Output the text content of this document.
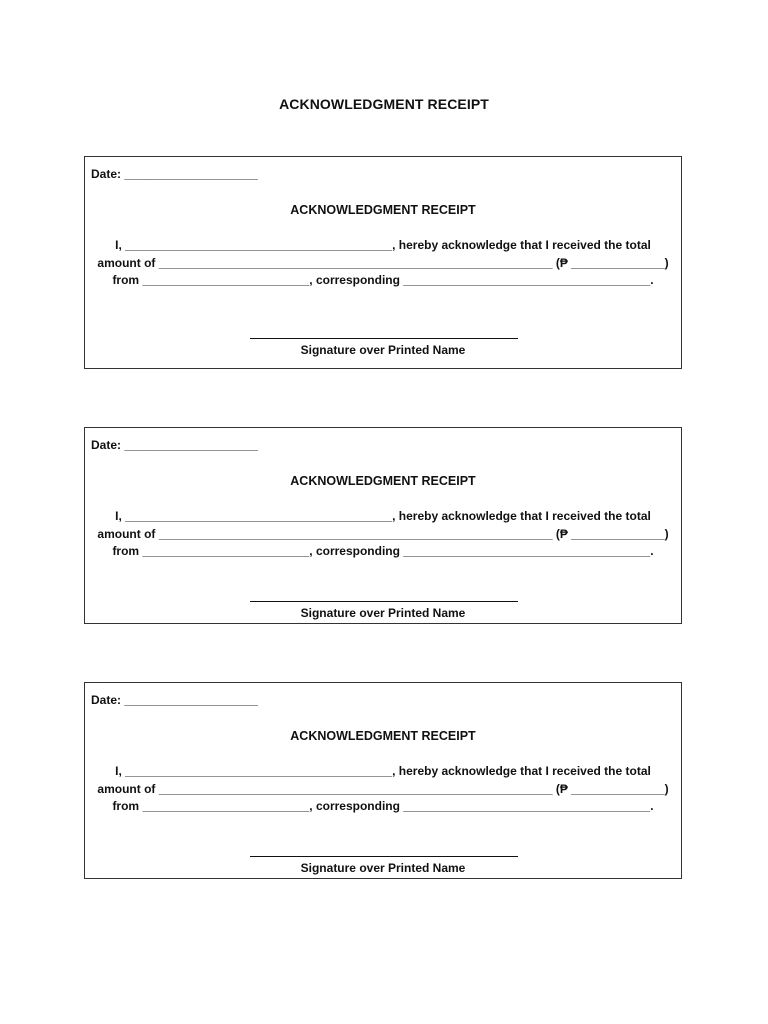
ACKNOWLEDGMENT RECEIPT
Date: ____________________
ACKNOWLEDGMENT RECEIPT
I, ________________________________________, hereby acknowledge that I received the total
amount of ___________________________________________________________ (₱ ______________)
from _________________________, corresponding _____________________________________.
Signature over Printed Name
Date: ____________________
ACKNOWLEDGMENT RECEIPT
I, ________________________________________, hereby acknowledge that I received the total
amount of ___________________________________________________________ (₱ ______________)
from _________________________, corresponding _____________________________________.
Signature over Printed Name
Date: ____________________
ACKNOWLEDGMENT RECEIPT
I, ________________________________________, hereby acknowledge that I received the total
amount of ___________________________________________________________ (₱ ______________)
from _________________________, corresponding _____________________________________.
Signature over Printed Name
